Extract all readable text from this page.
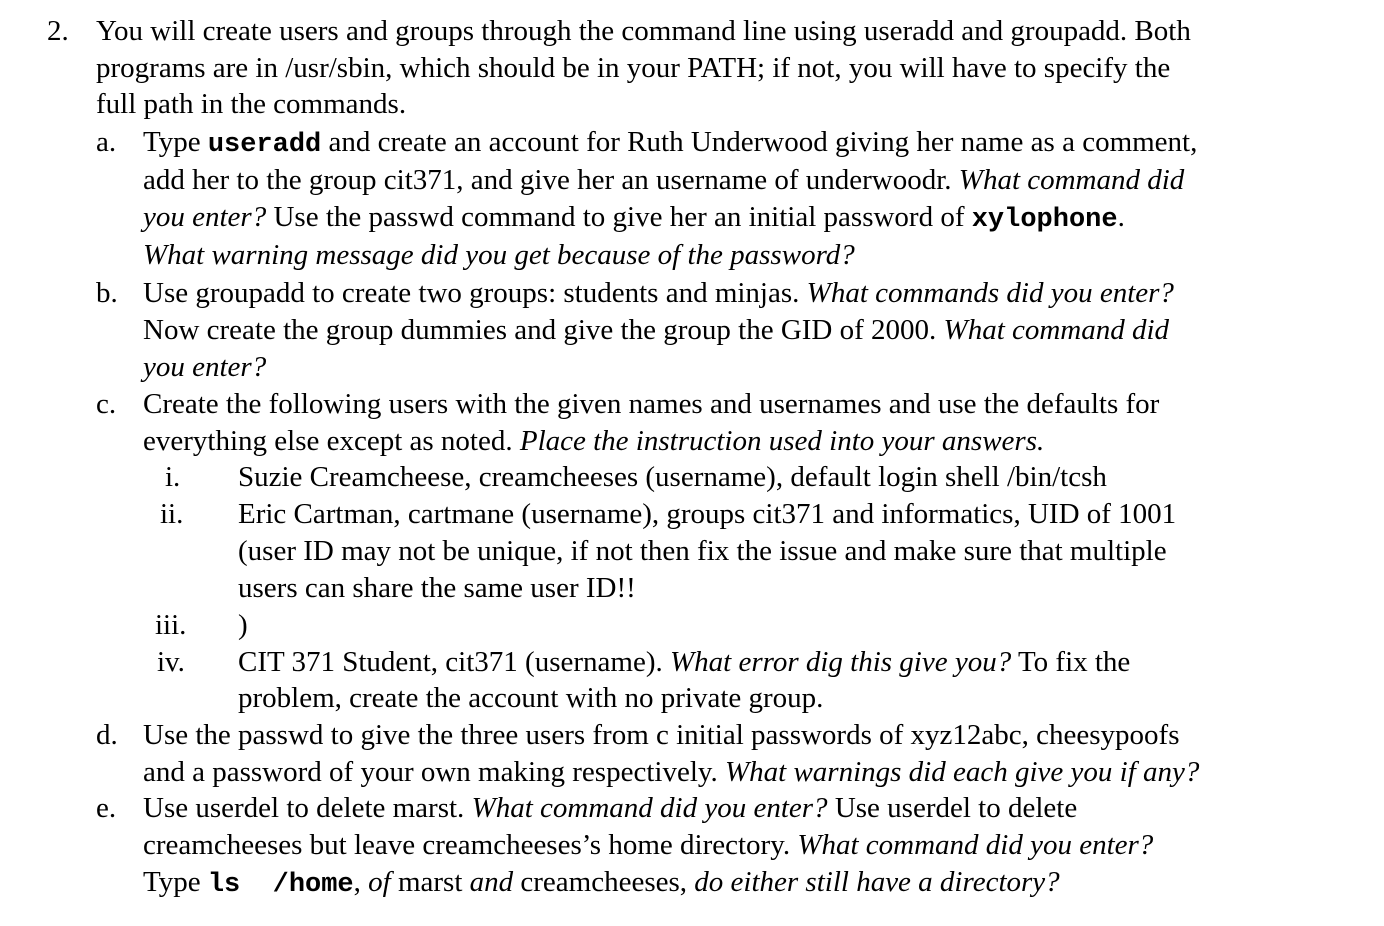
2. You will create users and groups through the command line using useradd and groupadd. Both
programs are in /usr/sbin, which should be in your PATH; if not, you will have to specify the
full path in the commands.
a. Type useradd and create an account for Ruth Underwood giving her name as a comment,
add her to the group cit371, and give her an username of underwoodr. What command did
you enter? Use the passwd command to give her an initial password of xylophone.
What warning message did you get because of the password?
b. Use groupadd to create two groups: students and minjas. What commands did you enter?
Now create the group dummies and give the group the GID of 2000. What command did
you enter?
c. Create the following users with the given names and usernames and use the defaults for
everything else except as noted. Place the instruction used into your answers.
i. Suzie Creamcheese, creamcheeses (username), default login shell /bin/tcsh
ii. Eric Cartman, cartmane (username), groups cit371 and informatics, UID of 1001
(user ID may not be unique, if not then fix the issue and make sure that multiple
users can share the same user ID!!
iii. )
iv. CIT 371 Student, cit371 (username). What error dig this give you? To fix the
problem, create the account with no private group.
d. Use the passwd to give the three users from c initial passwords of xyz12abc, cheesypoofs
and a password of your own making respectively. What warnings did each give you if any?
e. Use userdel to delete marst. What command did you enter? Use userdel to delete
creamcheeses but leave creamcheeses’s home directory. What command did you enter?
Type ls  /home, of marst and creamcheeses, do either still have a directory?
